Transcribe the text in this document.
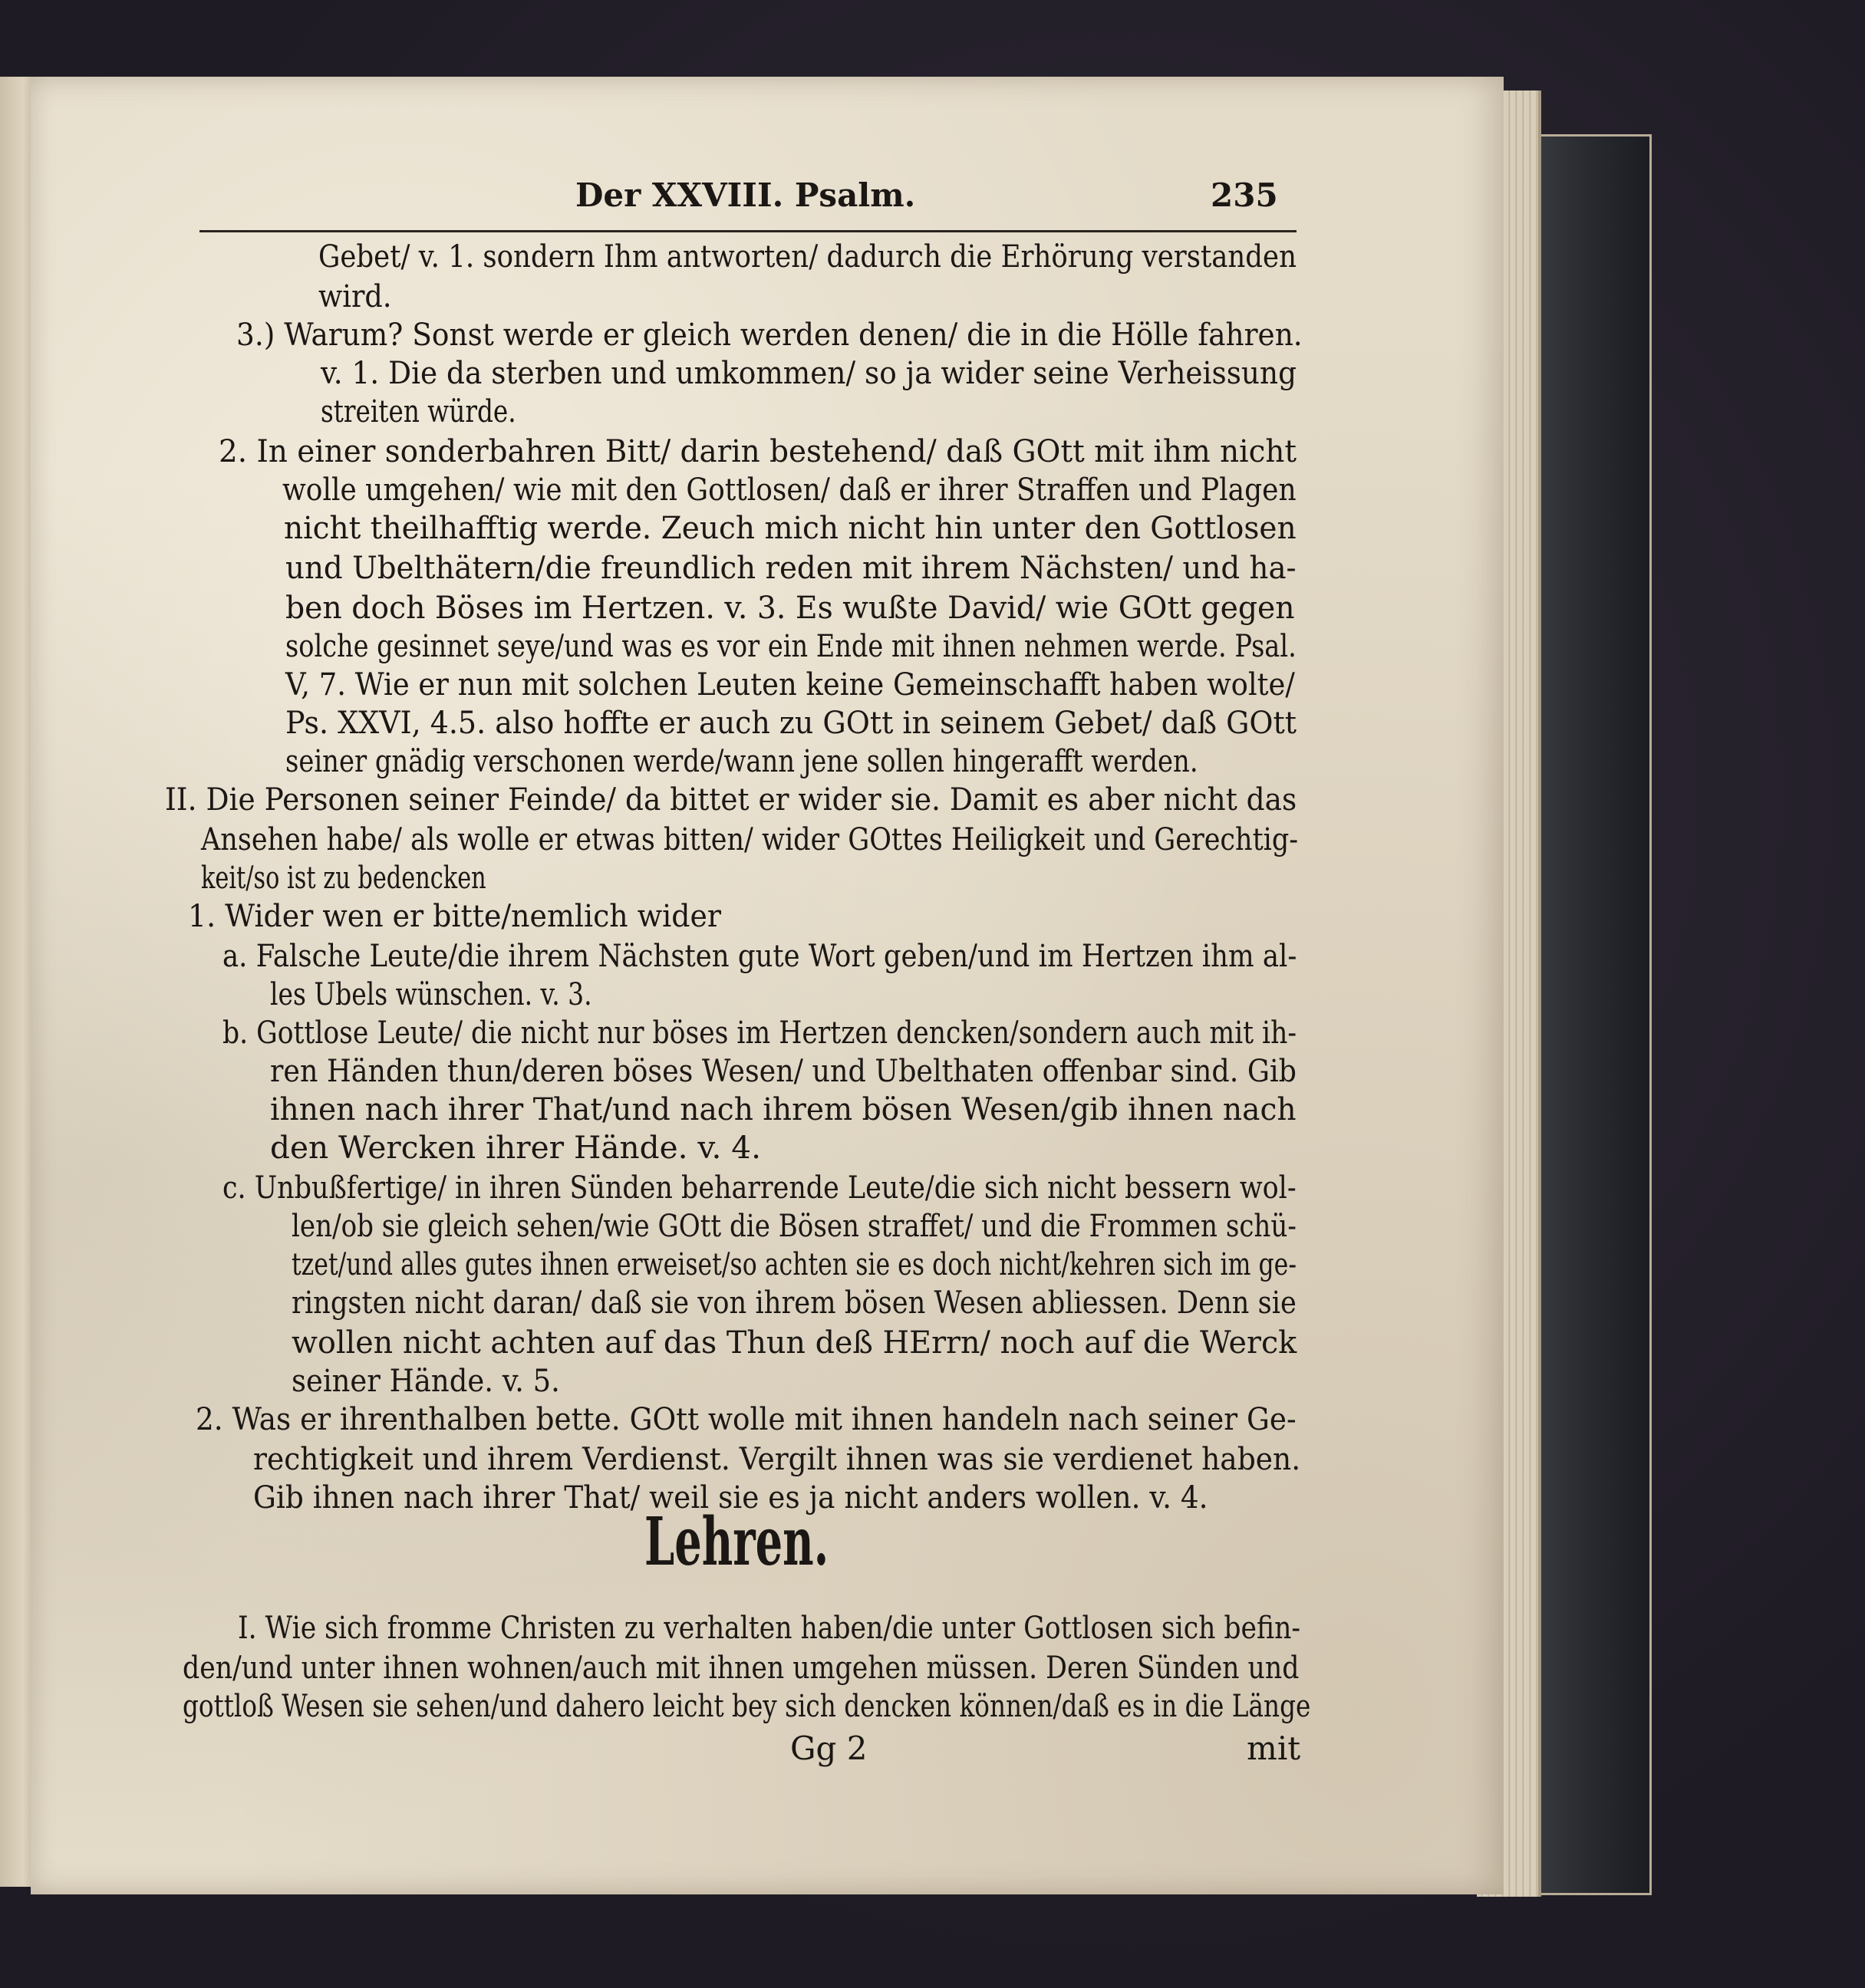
Der XXVIII. Psalm.	235
Gebet/ v. 1. sondern Ihm antworten/ dadurch die Erhörung verstanden
wird.
3.) Warum? Sonst werde er gleich werden denen/ die in die Hölle fahren.
v. 1. Die da sterben und umkommen/ so ja wider seine Verheissung
streiten würde.
2. In einer sonderbahren Bitt/ darin bestehend/ daß GOtt mit ihm nicht
wolle umgehen/ wie mit den Gottlosen/ daß er ihrer Straffen und Plagen
nicht theilhafftig werde. Zeuch mich nicht hin unter den Gottlosen
und Ubelthätern/die freundlich reden mit ihrem Nächsten/ und ha-
ben doch Böses im Hertzen. v. 3. Es wußte David/ wie GOtt gegen
solche gesinnet seye/und was es vor ein Ende mit ihnen nehmen werde. Psal.
V, 7. Wie er nun mit solchen Leuten keine Gemeinschafft haben wolte/
Ps. XXVI, 4.5. also hoffte er auch zu GOtt in seinem Gebet/ daß GOtt
seiner gnädig verschonen werde/wann jene sollen hingerafft werden.
II. Die Personen seiner Feinde/ da bittet er wider sie. Damit es aber nicht das
Ansehen habe/ als wolle er etwas bitten/ wider GOttes Heiligkeit und Gerechtig-
keit/so ist zu bedencken
1. Wider wen er bitte/nemlich wider
a. Falsche Leute/die ihrem Nächsten gute Wort geben/und im Hertzen ihm al-
les Ubels wünschen. v. 3.
b. Gottlose Leute/ die nicht nur böses im Hertzen dencken/sondern auch mit ih-
ren Händen thun/deren böses Wesen/ und Ubelthaten offenbar sind. Gib
ihnen nach ihrer That/und nach ihrem bösen Wesen/gib ihnen nach
den Wercken ihrer Hände. v. 4.
c. Unbußfertige/ in ihren Sünden beharrende Leute/die sich nicht bessern wol-
len/ob sie gleich sehen/wie GOtt die Bösen straffet/ und die Frommen schü-
tzet/und alles gutes ihnen erweiset/so achten sie es doch nicht/kehren sich im ge-
ringsten nicht daran/ daß sie von ihrem bösen Wesen abliessen. Denn sie
wollen nicht achten auf das Thun deß HErrn/ noch auf die Werck
seiner Hände. v. 5.
2. Was er ihrenthalben bette. GOtt wolle mit ihnen handeln nach seiner Ge-
rechtigkeit und ihrem Verdienst. Vergilt ihnen was sie verdienet haben.
Gib ihnen nach ihrer That/ weil sie es ja nicht anders wollen. v. 4.
Lehren.
I. Wie sich fromme Christen zu verhalten haben/die unter Gottlosen sich befin-
den/und unter ihnen wohnen/auch mit ihnen umgehen müssen. Deren Sünden und
gottloß Wesen sie sehen/und dahero leicht bey sich dencken können/daß es in die Länge
Gg 2	mit
